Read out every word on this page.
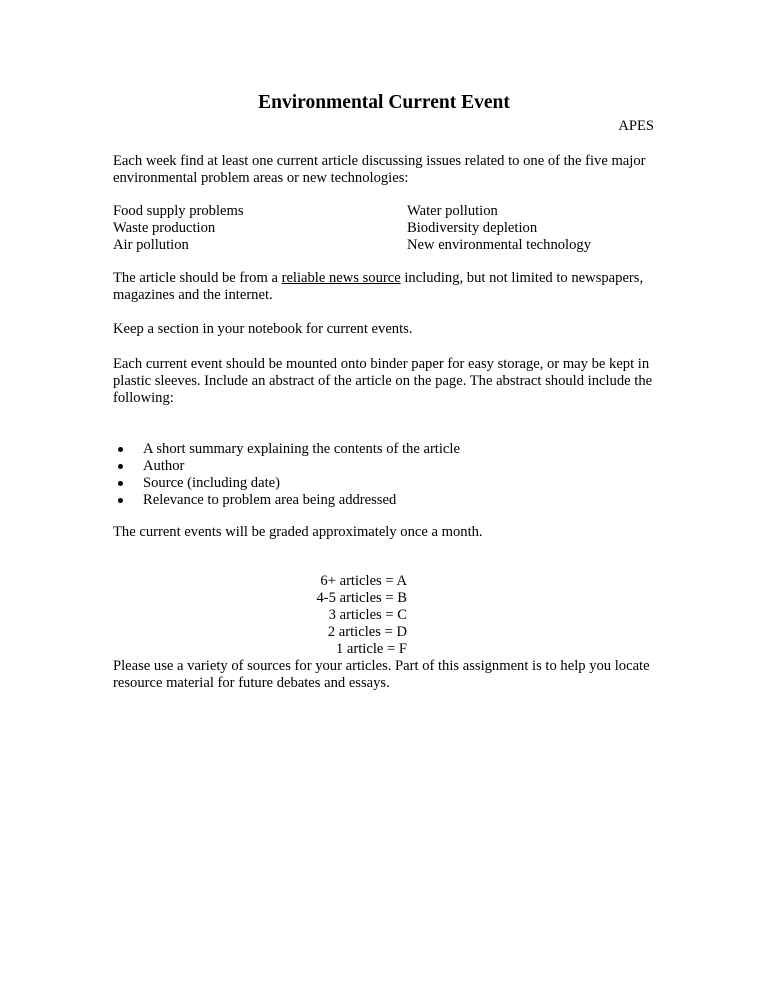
Environmental Current Event
APES
Each week find at least one current article discussing issues related to one of the five major environmental problem areas or new technologies:
Food supply problems
Waste production
Air pollution
Water pollution
Biodiversity depletion
New environmental technology
The article should be from a reliable news source including, but not limited to newspapers, magazines and the internet.
Keep a section in your notebook for current events.
Each current event should be mounted onto binder paper for easy storage, or may be kept in plastic sleeves. Include an abstract of the article on the page. The abstract should include the following:
A short summary explaining the contents of the article
Author
Source (including date)
Relevance to problem area being addressed
The current events will be graded approximately once a month.
6+ articles = A
4-5 articles = B
3 articles = C
2 articles = D
1 article = F
Please use a variety of sources for your articles. Part of this assignment is to help you locate resource material for future debates and essays.
